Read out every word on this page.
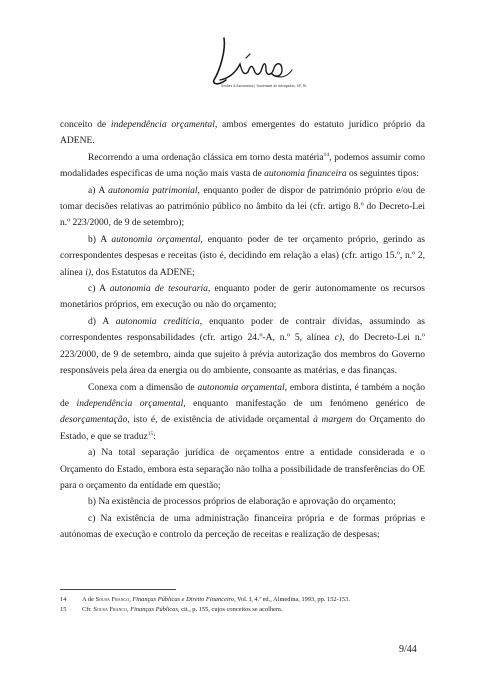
Simões & Associados | Sociedade de Advogados, SP, RL

conceito de independência orçamental, ambos emergentes do estatuto jurídico próprio da ADENE.

Recorrendo a uma ordenação clássica em torno desta matéria$^{14}$, podemos assumir como modalidades específicas de uma noção mais vasta de autonomia financeira os seguintes tipos:

a) A autonomia patrimonial, enquanto poder de dispor de património próprio e/ou de tomar decisões relativas ao património público no âmbito da lei (cfr. artigo 8.º do Decreto-Lei n.º 223/2000, de 9 de setembro);

b) A autonomia orçamental, enquanto poder de ter orçamento próprio, gerindo as correspondentes despesas e receitas (isto é, decidindo em relação a elas) (cfr. artigo 15.º, n.º 2, alínea i), dos Estatutos da ADENE;

c) A autonomia de tesouraria, enquanto poder de gerir autonomamente os recursos monetários próprios, em execução ou não do orçamento;

d) A autonomia creditícia, enquanto poder de contrair dívidas, assumindo as correspondentes responsabilidades (cfr. artigo 24.º-A, n.º 5, alínea c), do Decreto-Lei n.º 223/2000, de 9 de setembro, ainda que sujeito à prévia autorização dos membros do Governo responsáveis pela área da energia ou do ambiente, consoante as matérias, e das finanças.

Conexa com a dimensão de autonomia orçamental, embora distinta, é também a noção de independência orçamental, enquanto manifestação de um fenómeno genérico de desorçamentação, isto é, de existência de atividade orçamental à margem do Orçamento do Estado, e que se traduz$^{15}$:

a) Na total separação jurídica de orçamentos entre a entidade considerada e o Orçamento do Estado, embora esta separação não tolha a possibilidade de transferências do OE para o orçamento da entidade em questão;

b) Na existência de processos próprios de elaboração e aprovação do orçamento;

c) Na existência de uma administração financeira própria e de formas próprias e autónomas de execução e controlo da perceção de receitas e realização de despesas;

14	A de Sousa Franco, Finanças Públicas e Direito Financeiro, Vol. I, 4.ª ed., Almedina, 1993, pp. 152-153.
15	Cfr. Sousa Franco, Finanças Públicas, cit., p. 155, cujos conceitos se acolhem.
9/44
